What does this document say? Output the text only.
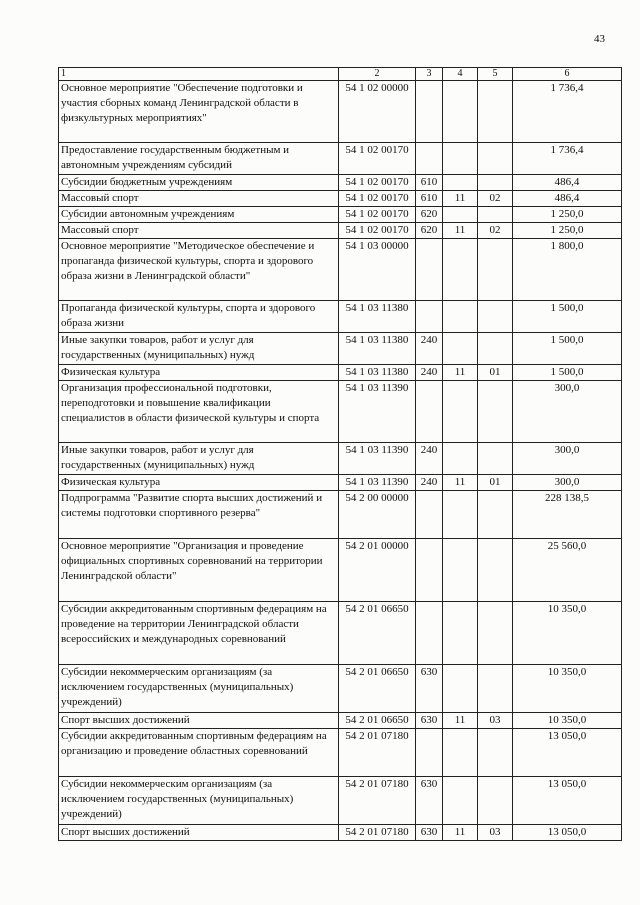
43
1	2	3	4	5	6
Основное мероприятие "Обеспечение подготовки и участия сборных команд Ленинградской области в физкультурных мероприятиях"	54 1 02 00000				1 736,4
Предоставление государственным бюджетным и автономным учреждениям субсидий	54 1 02 00170				1 736,4
Субсидии бюджетным учреждениям	54 1 02 00170	610			486,4
Массовый спорт	54 1 02 00170	610	11	02	486,4
Субсидии автономным учреждениям	54 1 02 00170	620			1 250,0
Массовый спорт	54 1 02 00170	620	11	02	1 250,0
Основное мероприятие "Методическое обеспечение и пропаганда физической культуры, спорта и здорового образа жизни в Ленинградской области"	54 1 03 00000				1 800,0
Пропаганда физической культуры, спорта и здорового образа жизни	54 1 03 11380				1 500,0
Иные закупки товаров, работ и услуг для государственных (муниципальных) нужд	54 1 03 11380	240			1 500,0
Физическая культура	54 1 03 11380	240	11	01	1 500,0
Организация профессиональной подготовки, переподготовки и повышение квалификации специалистов в области физической культуры и спорта	54 1 03 11390				300,0
Иные закупки товаров, работ и услуг для государственных (муниципальных) нужд	54 1 03 11390	240			300,0
Физическая культура	54 1 03 11390	240	11	01	300,0
Подпрограмма "Развитие спорта высших достижений и системы подготовки спортивного резерва"	54 2 00 00000				228 138,5
Основное мероприятие "Организация и проведение официальных спортивных соревнований на территории Ленинградской области"	54 2 01 00000				25 560,0
Субсидии аккредитованным спортивным федерациям на проведение на территории Ленинградской области всероссийских и международных соревнований	54 2 01 06650				10 350,0
Субсидии некоммерческим организациям (за исключением государственных (муниципальных) учреждений)	54 2 01 06650	630			10 350,0
Спорт высших достижений	54 2 01 06650	630	11	03	10 350,0
Субсидии аккредитованным спортивным федерациям на организацию и проведение областных соревнований	54 2 01 07180				13 050,0
Субсидии некоммерческим организациям (за исключением государственных (муниципальных) учреждений)	54 2 01 07180	630			13 050,0
Спорт высших достижений	54 2 01 07180	630	11	03	13 050,0
